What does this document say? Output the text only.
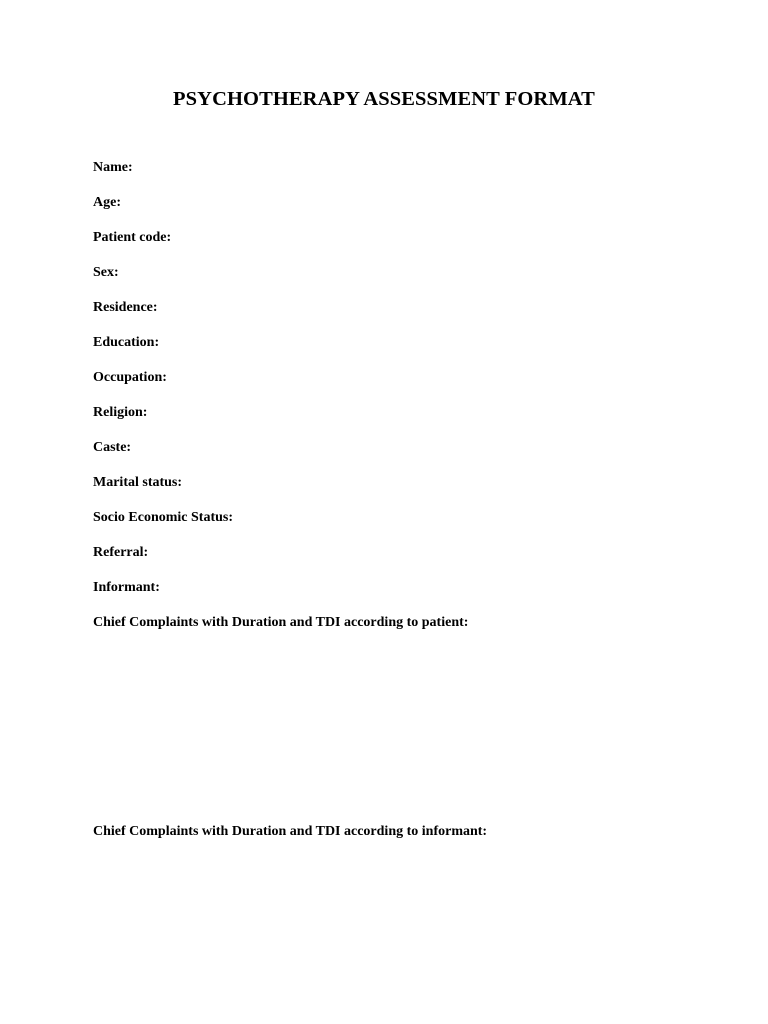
PSYCHOTHERAPY ASSESSMENT FORMAT

Name:

Age:

Patient code:

Sex:

Residence:

Education:

Occupation:

Religion:

Caste:

Marital status:

Socio Economic Status:

Referral:

Informant:

Chief Complaints with Duration and TDI according to patient:

Chief Complaints with Duration and TDI according to informant:
